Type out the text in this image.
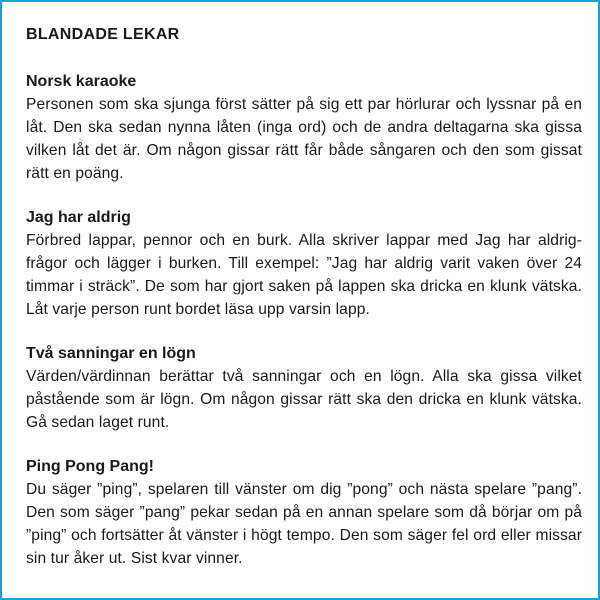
BLANDADE LEKAR
Norsk karaoke
Personen som ska sjunga först sätter på sig ett par hörlurar och lyssnar på en låt. Den ska sedan nynna låten (inga ord) och de andra deltagarna ska gissa vilken låt det är. Om någon gissar rätt får både sångaren och den som gissat rätt en poäng.
Jag har aldrig
Förbred lappar, pennor och en burk. Alla skriver lappar med Jag har aldrig-frågor och lägger i burken. Till exempel: ”Jag har aldrig varit vaken över 24 timmar i sträck”. De som har gjort saken på lappen ska dricka en klunk vätska. Låt varje person runt bordet läsa upp varsin lapp.
Två sanningar en lögn
Värden/värdinnan berättar två sanningar och en lögn. Alla ska gissa vilket påstående som är lögn. Om någon gissar rätt ska den dricka en klunk vätska. Gå sedan laget runt.
Ping Pong Pang!
Du säger ”ping”, spelaren till vänster om dig ”pong” och nästa spelare ”pang”. Den som säger ”pang” pekar sedan på en annan spelare som då börjar om på ”ping” och fortsätter åt vänster i högt tempo. Den som säger fel ord eller missar sin tur åker ut. Sist kvar vinner.
